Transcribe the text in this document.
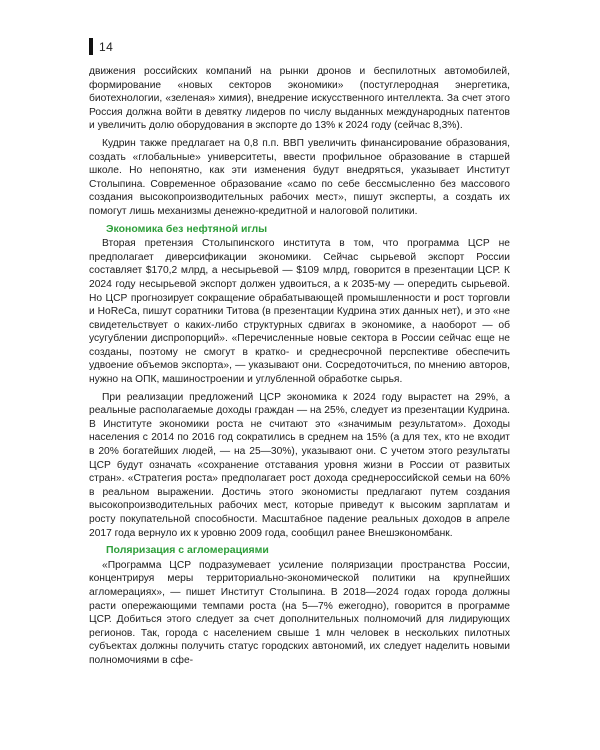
14

движения российских компаний на рынки дронов и беспилотных автомобилей, формирование «новых секторов экономики» (постуглеродная энергетика, биотехнологии, «зеленая» химия), внедрение искусственного интеллекта. За счет этого Россия должна войти в девятку лидеров по числу выданных международных патентов и увеличить долю оборудования в экспорте до 13% к 2024 году (сейчас 8,3%).

Кудрин также предлагает на 0,8 п.п. ВВП увеличить финансирование образования, создать «глобальные» университеты, ввести профильное образование в старшей школе. Но непонятно, как эти изменения будут внедряться, указывает Институт Столыпина. Современное образование «само по себе бессмысленно без массового создания высокопроизводительных рабочих мест», пишут эксперты, а создать их помогут лишь механизмы денежно-кредитной и налоговой политики.

Экономика без нефтяной иглы

Вторая претензия Столыпинского института в том, что программа ЦСР не предполагает диверсификации экономики. Сейчас сырьевой экспорт России составляет $170,2 млрд, а несырьевой — $109 млрд, говорится в презентации ЦСР. К 2024 году несырьевой экспорт должен удвоиться, а к 2035-му — опередить сырьевой. Но ЦСР прогнозирует сокращение обрабатывающей промышленности и рост торговли и HoReCa, пишут соратники Титова (в презентации Кудрина этих данных нет), и это «не свидетельствует о каких-либо структурных сдвигах в экономике, а наоборот — об усугублении диспропорций». «Перечисленные новые сектора в России сейчас еще не созданы, поэтому не смогут в кратко- и среднесрочной перспективе обеспечить удвоение объемов экспорта», — указывают они. Сосредоточиться, по мнению авторов, нужно на ОПК, машиностроении и углубленной обработке сырья.

При реализации предложений ЦСР экономика к 2024 году вырастет на 29%, а реальные располагаемые доходы граждан — на 25%, следует из презентации Кудрина. В Институте экономики роста не считают это «значимым результатом». Доходы населения с 2014 по 2016 год сократились в среднем на 15% (а для тех, кто не входит в 20% богатейших людей, — на 25—30%), указывают они. С учетом этого результаты ЦСР будут означать «сохранение отставания уровня жизни в России от развитых стран». «Стратегия роста» предполагает рост дохода среднероссийской семьи на 60% в реальном выражении. Достичь этого экономисты предлагают путем создания высокопроизводительных рабочих мест, которые приведут к высоким зарплатам и росту покупательной способности. Масштабное падение реальных доходов в апреле 2017 года вернуло их к уровню 2009 года, сообщил ранее Внешэкономбанк.

Поляризация с агломерациями

«Программа ЦСР подразумевает усиление поляризации пространства России, концентрируя меры территориально-экономической политики на крупнейших агломерациях», — пишет Институт Столыпина. В 2018—2024 годах города должны расти опережающими темпами роста (на 5—7% ежегодно), говорится в программе ЦСР. Добиться этого следует за счет дополнительных полномочий для лидирующих регионов. Так, города с населением свыше 1 млн человек в нескольких пилотных субъектах должны получить статус городских автономий, их следует наделить новыми полномочиями в сфе-
